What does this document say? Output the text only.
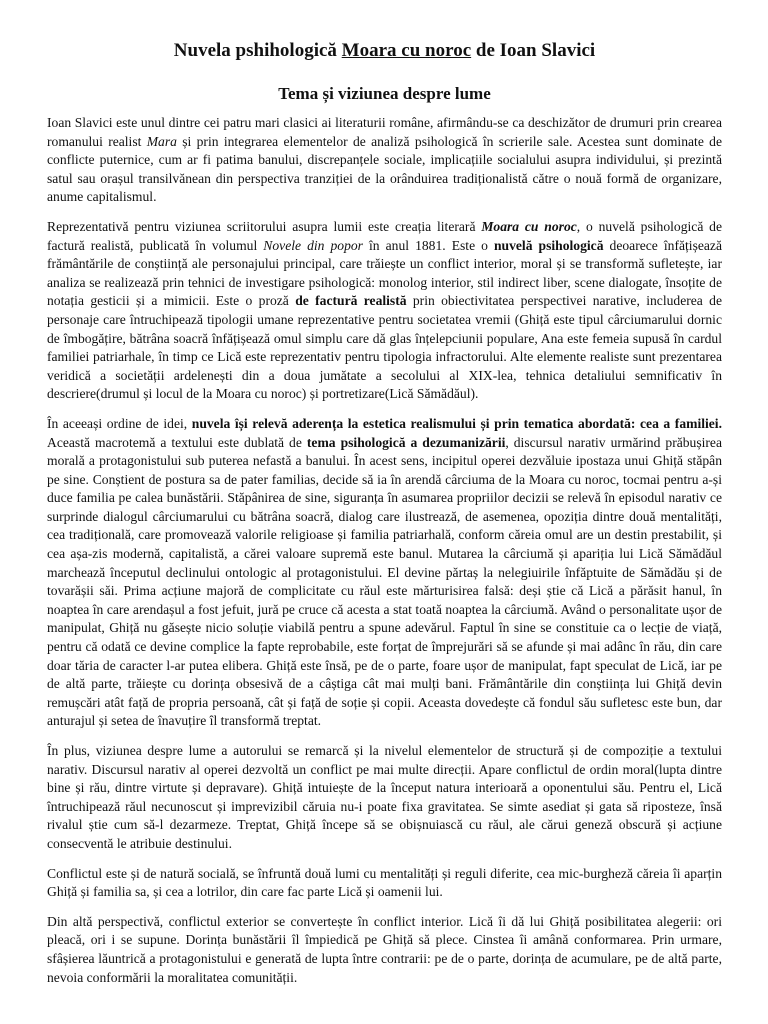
Nuvela pshihologică Moara cu noroc de Ioan Slavici
Tema și viziunea despre lume

Ioan Slavici este unul dintre cei patru mari clasici ai literaturii române, afirmându-se ca deschizător de drumuri prin crearea romanului realist Mara și prin integrarea elementelor de analiză psihologică în scrierile sale. Acestea sunt dominate de conflicte puternice, cum ar fi patima banului, discrepanțele sociale, implicațiile socialului asupra individului, și prezintă satul sau orașul transilvănean din perspectiva tranziției de la orânduirea tradiționalistă către o nouă formă de organizare, anume capitalismul.

Reprezentativă pentru viziunea scriitorului asupra lumii este creația literară Moara cu noroc, o nuvelă psihologică de factură realistă, publicată în volumul Novele din popor în anul 1881. Este o nuvelă psihologică deoarece înfățișează frământările de conștiință ale personajului principal, care trăiește un conflict interior, moral și se transformă sufletește, iar analiza se realizează prin tehnici de investigare psihologică: monolog interior, stil indirect liber, scene dialogate, însoțite de notația gesticii și a mimicii. Este o proză de factură realistă prin obiectivitatea perspectivei narative, includerea de personaje care întruchipează tipologii umane reprezentative pentru societatea vremii (Ghiță este tipul cârciumarului dornic de îmbogățire, bătrâna soacră înfățișează omul simplu care dă glas înțelepciunii populare, Ana este femeia supusă în cardul familiei patriarhale, în timp ce Lică este reprezentativ pentru tipologia infractorului. Alte elemente realiste sunt prezentarea veridică a societății ardelenești din a doua jumătate a secolului al XIX-lea, tehnica detaliului semnificativ în descriere(drumul și locul de la Moara cu noroc) și portretizare(Lică Sămădăul).

În aceeași ordine de idei, nuvela își relevă aderența la estetica realismului și prin tematica abordată: cea a familiei. Această macrotemă a textului este dublată de tema psihologică a dezumanizării, discursul narativ urmărind prăbușirea morală a protagonistului sub puterea nefastă a banului. În acest sens, incipitul operei dezvăluie ipostaza unui Ghiță stăpân pe sine. Conștient de postura sa de pater familias, decide să ia în arendă cârciuma de la Moara cu noroc, tocmai pentru a-și duce familia pe calea bunăstării. Stăpânirea de sine, siguranța în asumarea propriilor decizii se relevă în episodul narativ ce surprinde dialogul cârciumarului cu bătrâna soacră, dialog care ilustrează, de asemenea, opoziția dintre două mentalități, cea tradițională, care promovează valorile religioase și familia patriarhală, conform căreia omul are un destin prestabilit, și cea așa-zis modernă, capitalistă, a cărei valoare supremă este banul. Mutarea la cârciumă și apariția lui Lică Sămădăul marchează începutul declinului ontologic al protagonistului. El devine părtaș la nelegiuirile înfăptuite de Sămădău și de tovarășii săi. Prima acțiune majoră de complicitate cu răul este mărturisirea falsă: deși știe că Lică a părăsit hanul, în noaptea în care arendașul a fost jefuit, jură pe cruce că acesta a stat toată noaptea la cârciumă. Având o personalitate ușor de manipulat, Ghiță nu găsește nicio soluție viabilă pentru a spune adevărul. Faptul în sine se constituie ca o lecție de viață, pentru că odată ce devine complice la fapte reprobabile, este forțat de împrejurări să se afunde și mai adânc în rău, din care doar tăria de caracter l-ar putea elibera. Ghiță este însă, pe de o parte, foare ușor de manipulat, fapt speculat de Lică, iar pe de altă parte, trăiește cu dorința obsesivă de a câștiga cât mai mulți bani. Frământările din conștiința lui Ghiță devin remușcări atât față de propria persoană, cât și față de soție și copii. Aceasta dovedește că fondul său sufletesc este bun, dar anturajul și setea de înavuțire îl transformă treptat.

În plus, viziunea despre lume a autorului se remarcă și la nivelul elementelor de structură și de compoziție a textului narativ. Discursul narativ al operei dezvoltă un conflict pe mai multe direcții. Apare conflictul de ordin moral(lupta dintre bine și rău, dintre virtute și depravare). Ghiță intuiește de la început natura interioară a oponentului său. Pentru el, Lică întruchipează răul necunoscut și imprevizibil căruia nu-i poate fixa gravitatea. Se simte asediat și gata să riposteze, însă rivalul știe cum să-l dezarmeze. Treptat, Ghiță începe să se obișnuiască cu răul, ale cărui geneză obscură și acțiune consecventă le atribuie destinului.

Conflictul este și de natură socială, se înfruntă două lumi cu mentalități și reguli diferite, cea mic-burgheză căreia îi aparțin Ghiță și familia sa, și cea a lotrilor, din care fac parte Lică și oamenii lui.

Din altă perspectivă, conflictul exterior se convertește în conflict interior. Lică îi dă lui Ghiță posibilitatea alegerii: ori pleacă, ori i se supune. Dorința bunăstării îl împiedică pe Ghiță să plece. Cinstea îi amână conformarea. Prin urmare, sfâșierea lăuntrică a protagonistului e generată de lupta între contrarii: pe de o parte, dorința de acumulare, pe de altă parte, nevoia conformării la moralitatea comunității.
